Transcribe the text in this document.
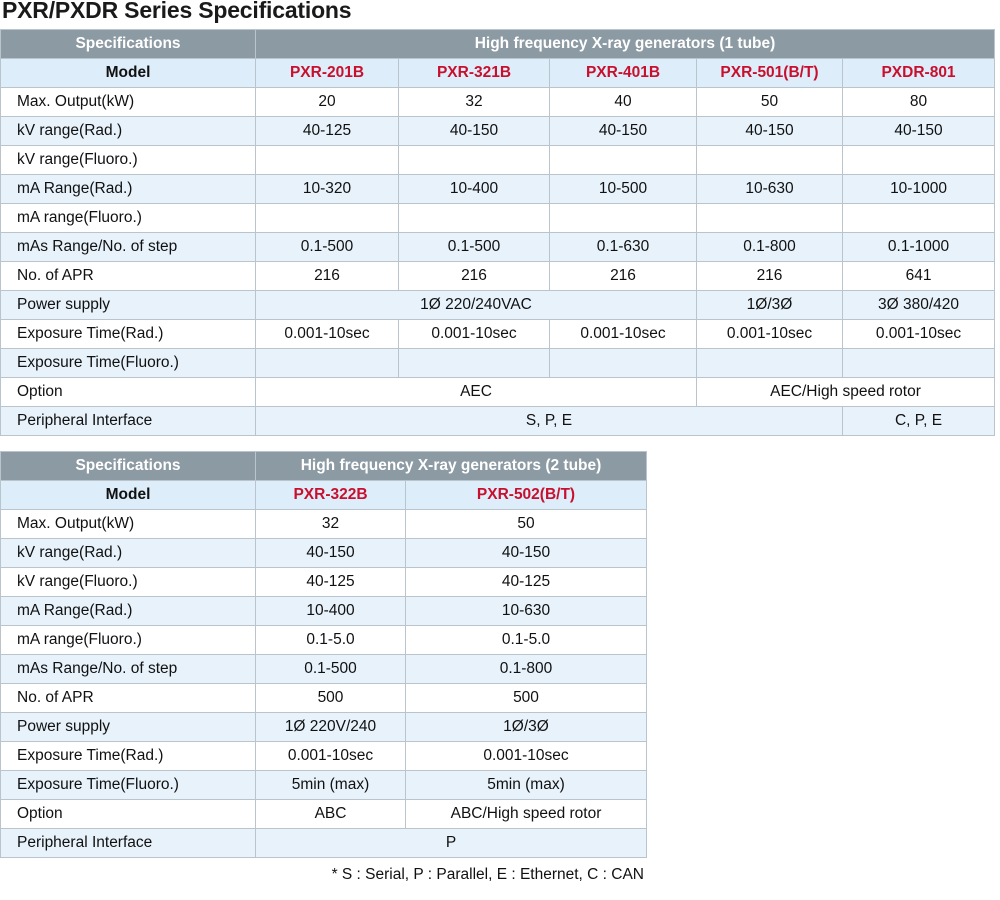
PXR/PXDR Series Specifications
Specifications	High frequency X-ray generators (1 tube)				
Model	PXR-201B	PXR-321B	PXR-401B	PXR-501(B/T)	PXDR-801
Max. Output(kW)	20	32	40	50	80
kV range(Rad.)	40-125	40-150	40-150	40-150	40-150
kV range(Fluoro.)					
mA Range(Rad.)	10-320	10-400	10-500	10-630	10-1000
mA range(Fluoro.)					
mAs Range/No. of step	0.1-500	0.1-500	0.1-630	0.1-800	0.1-1000
No. of APR	216	216	216	216	641
Power supply	1Ø 220/240VAC			1Ø/3Ø	3Ø 380/420
Exposure Time(Rad.)	0.001-10sec	0.001-10sec	0.001-10sec	0.001-10sec	0.001-10sec
Exposure Time(Fluoro.)					
Option	AEC			AEC/High speed rotor	
Peripheral Interface	S, P, E				C, P, E
Specifications	High frequency X-ray generators (2 tube)	
Model	PXR-322B	PXR-502(B/T)
Max. Output(kW)	32	50
kV range(Rad.)	40-150	40-150
kV range(Fluoro.)	40-125	40-125
mA Range(Rad.)	10-400	10-630
mA range(Fluoro.)	0.1-5.0	0.1-5.0
mAs Range/No. of step	0.1-500	0.1-800
No. of APR	500	500
Power supply	1Ø 220V/240	1Ø/3Ø
Exposure Time(Rad.)	0.001-10sec	0.001-10sec
Exposure Time(Fluoro.)	5min (max)	5min (max)
Option	ABC	ABC/High speed rotor
Peripheral Interface	P	

* S : Serial, P : Parallel, E : Ethernet, C : CAN
